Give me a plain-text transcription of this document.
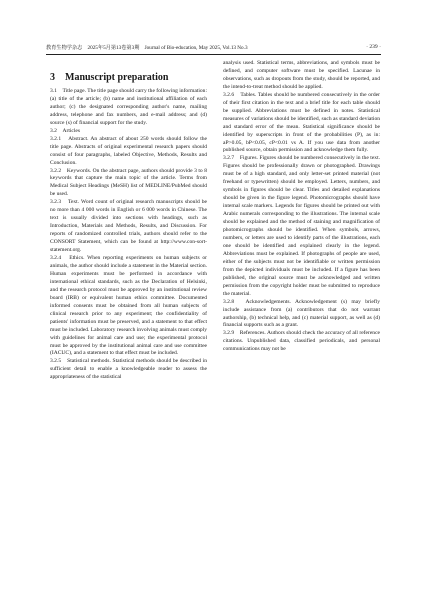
教育生物学杂志　2025年5月第13卷第3期　Journal of Bio-education, May 2025, Vol.13 No.3	· 239 ·
3　Manuscript preparation

3.1　Title page. The title page should carry the following information: (a) title of the article; (b) name and institutional affiliation of each author; (c) the designated corresponding author's name, mailing address, telephone and fax numbers, and e-mail address; and (d) source (s) of financial support for the study.

3.2　Articles

3.2.1　Abstract. An abstract of about 250 words should follow the title page. Abstracts of original experimental research papers should consist of four paragraphs, labeled Objective, Methods, Results and Conclusion.

3.2.2　Keywords. On the abstract page, authors should provide 3 to 8 keywords that capture the main topic of the article. Terms from Medical Subject Headings (MeSH) list of MEDLINE/PubMed should be used.

3.2.3　Text. Word count of original research manuscripts should be no more than 4 000 words in English or 6 000 words in Chinese. The text is usually divided into sections with headings, such as Introduction, Materials and Methods, Results, and Discussion. For reports of randomized controlled trials, authors should refer to the CONSORT Statement, which can be found at http://www.con-sort-statement.org.

3.2.4　Ethics. When reporting experiments on human subjects or animals, the author should include a statement in the Material section. Human experiments must be performed in accordance with international ethical standards, such as the Declaration of Helsinki, and the research protocol must be approved by an institutional review board (IRB) or equivalent human ethics committee. Documented informed consents must be obtained from all human subjects of clinical research prior to any experiment; the confidentiality of patients' information must be preserved, and a statement to that effect must be included. Laboratory research involving animals must comply with guidelines for animal care and use; the experimental protocol must be approved by the institutional animal care and use committee (IACUC), and a statement to that effect must be included.

3.2.5　Statistical methods. Statistical methods should be described in sufficient detail to enable a knowledgeable reader to assess the appropriateness of the statistical

analysis used. Statistical terms, abbreviations, and symbols must be defined, and computer software must be specified. Lacunae in observations, such as dropouts from the study, should be reported, and the intend-to-treat method should be applied.

3.2.6　Tables. Tables should be numbered consecutively in the order of their first citation in the text and a brief title for each table should be supplied. Abbreviations must be defined in notes. Statistical measures of variations should be identified, such as standard deviation and standard error of the mean. Statistical significance should be identified by superscripts in front of the probabilities (P), as in: aP>0.05, bP<0.05, cP<0.01 vs A. If you use data from another published source, obtain permission and acknowledge them fully.

3.2.7　Figures. Figures should be numbered consecutively in the text. Figures should be professionally drawn or photographed. Drawings must be of a high standard, and only letter-set printed material (not freehand or typewritten) should be employed. Letters, numbers, and symbols in figures should be clear. Titles and detailed explanations should be given in the figure legend. Photomicrographs should have internal scale markers. Legends for figures should be printed out with Arabic numerals corresponding to the illustrations. The internal scale should be explained and the method of staining and magnification of photomicrographs should be identified. When symbols, arrows, numbers, or letters are used to identify parts of the illustrations, each one should be identified and explained clearly in the legend. Abbreviations must be explained. If photographs of people are used, either of the subjects must not be identifiable or written permission from the depicted individuals must be included. If a figure has been published, the original source must be acknowledged and written permission from the copyright holder must be submitted to reproduce the material.

3.2.8　Acknowledgements. Acknowledgement (s) may briefly include assistance from (a) contributors that do not warrant authorship, (b) technical help, and (c) material support, as well as (d) financial supports such as a grant.

3.2.9　References. Authors should check the accuracy of all reference citations. Unpublished data, classified periodicals, and personal communications may not be
